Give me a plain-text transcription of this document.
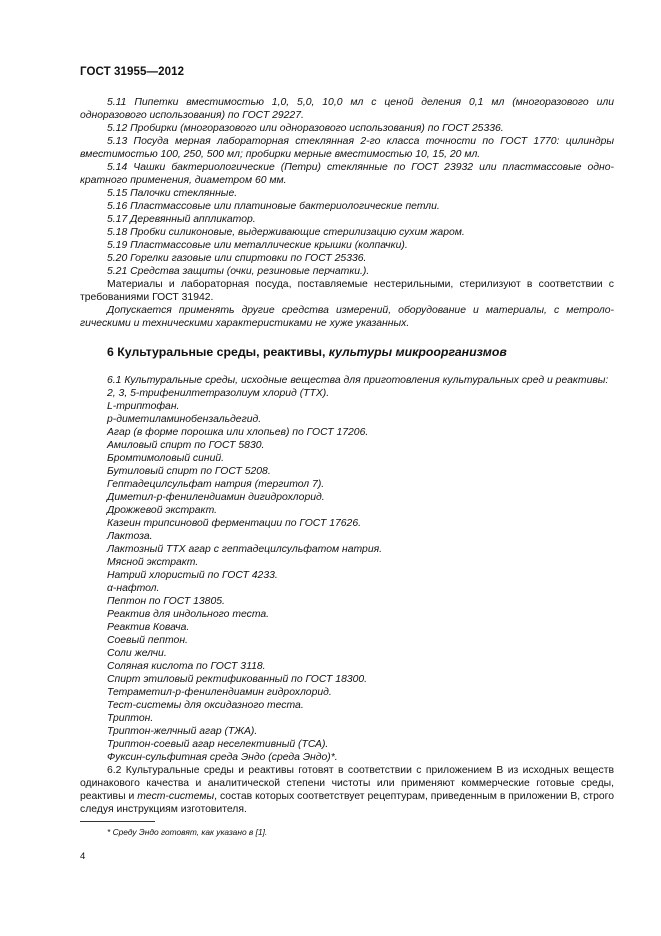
ГОСТ 31955—2012

5.11 Пипетки вместимостью 1,0, 5,0, 10,0 мл с ценой деления 0,1 мл (многоразового или одноразового использования) по ГОСТ 29227.

5.12 Пробирки (многоразового или одноразового использования) по ГОСТ 25336.

5.13 Посуда мерная лабораторная стеклянная 2-го класса точности по ГОСТ 1770: цилиндры вместимостью 100, 250, 500 мл; пробирки мерные вместимостью 10, 15, 20 мл.

5.14 Чашки бактериологические (Петри) стеклянные по ГОСТ 23932 или пластмассовые однократного применения, диаметром 60 мм.

5.15 Палочки стеклянные.

5.16 Пластмассовые или платиновые бактериологические петли.

5.17 Деревянный аппликатор.

5.18 Пробки силиконовые, выдерживающие стерилизацию сухим жаром.

5.19 Пластмассовые или металлические крышки (колпачки).

5.20 Горелки газовые или спиртовки по ГОСТ 25336.

5.21 Средства защиты (очки, резиновые перчатки.).

Материалы и лабораторная посуда, поставляемые нестерильными, стерилизуют в соответствии с требованиями ГОСТ 31942.

Допускается применять другие средства измерений, оборудование и материалы, с метрологическими и техническими характеристиками не хуже указанных.

6 Культуральные среды, реактивы, культуры микроорганизмов

6.1 Культуральные среды, исходные вещества для приготовления культуральных сред и реактивы:

2, 3, 5-трифенилтетразолиум хлорид (ТТХ).

L-триптофан.

р-диметиламинобензальдегид.

Агар (в форме порошка или хлопьев) по ГОСТ 17206.

Амиловый спирт по ГОСТ 5830.

Бромтимоловый синий.

Бутиловый спирт по ГОСТ 5208.

Гептадецилсульфат натрия (тергитол 7).

Диметил-р-фенилендиамин дигидрохлорид.

Дрожжевой экстракт.

Казеин трипсиновой ферментации по ГОСТ 17626.

Лактоза.

Лактозный ТТХ агар с гептадецилсульфатом натрия.

Мясной экстракт.

Натрий хлористый по ГОСТ 4233.

α-нафтол.

Пептон по ГОСТ 13805.

Реактив для индольного теста.

Реактив Ковача.

Соевый пептон.

Соли желчи.

Соляная кислота по ГОСТ 3118.

Спирт этиловый ректификованный по ГОСТ 18300.

Тетраметил-р-фенилендиамин гидрохлорид.

Тест-системы для оксидазного теста.

Триптон.

Триптон-желчный агар (ТЖА).

Триптон-соевый агар неселективный (ТСА).

Фуксин-сульфитная среда Эндо (среда Эндо)*.

6.2 Культуральные среды и реактивы готовят в соответствии с приложением В из исходных веществ одинакового качества и аналитической степени чистоты или применяют коммерческие готовые среды, реактивы и тест-системы, состав которых соответствует рецептурам, приведенным в приложении В, строго следуя инструкциям изготовителя.

* Среду Эндо готовят, как указано в [1].
4
